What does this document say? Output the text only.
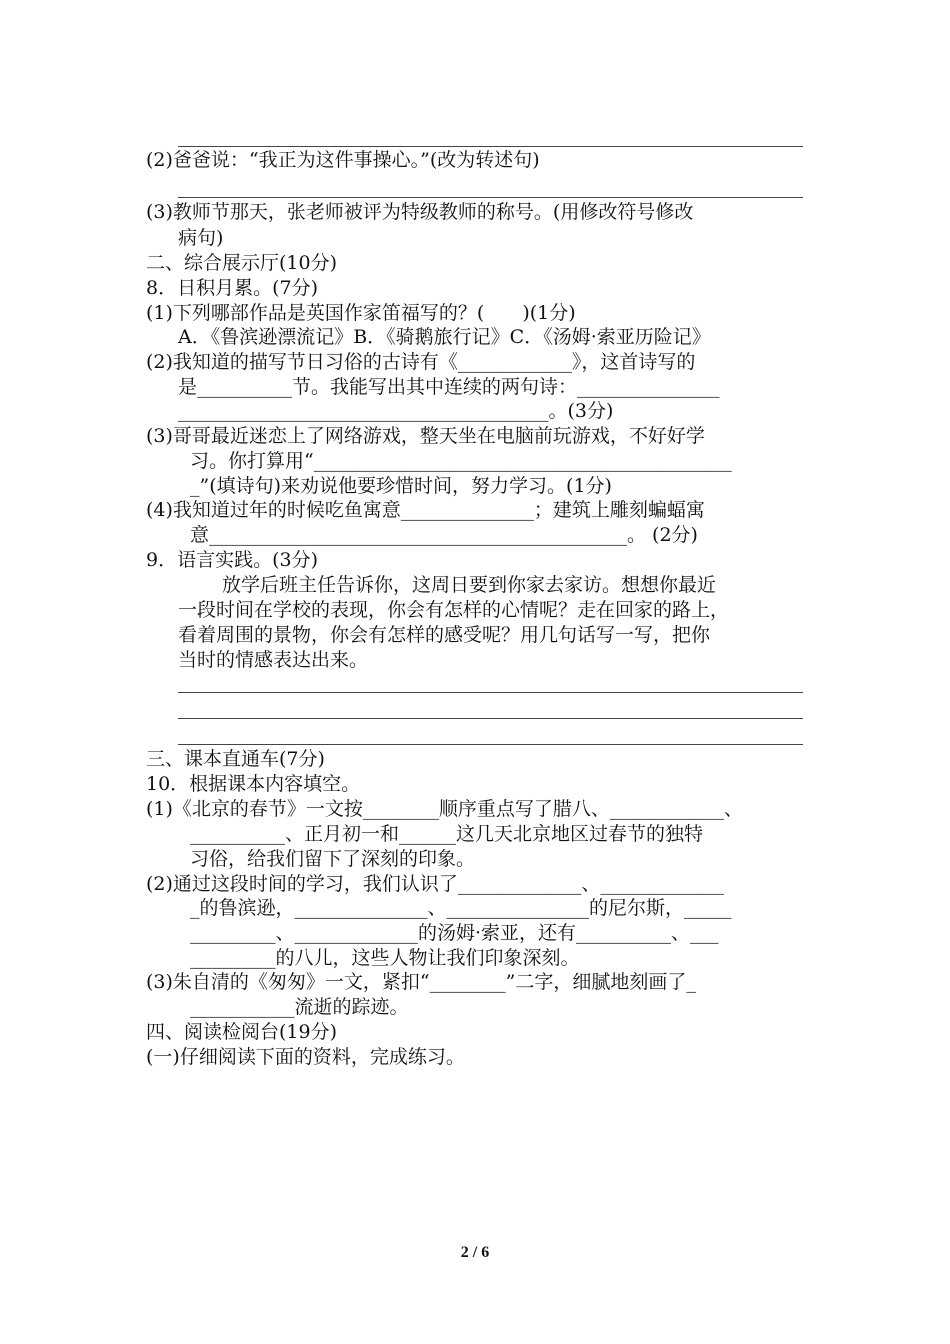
(2)爸爸说：“我正为这件事操心。”(改为转述句)
(3)教师节那天，张老师被评为特级教师的称号。(用修改符号修改
病句)
二、综合展示厅(10分)
8．日积月累。(7分)
(1)下列哪部作品是英国作家笛福写的？(　　)(1分)
A．《鲁滨逊漂流记》B．《骑鹅旅行记》C．《汤姆·索亚历险记》
(2)我知道的描写节日习俗的古诗有《____________》，这首诗写的
是__________节。我能写出其中连续的两句诗：_______________
_______________________________________。(3分)
(3)哥哥最近迷恋上了网络游戏，整天坐在电脑前玩游戏，不好好学
习。你打算用“____________________________________________
_”(填诗句)来劝说他要珍惜时间，努力学习。(1分)
(4)我知道过年的时候吃鱼寓意______________；建筑上雕刻蝙蝠寓
意____________________________________________。 (2分)
9．语言实践。(3分)
放学后班主任告诉你，这周日要到你家去家访。想想你最近
一段时间在学校的表现，你会有怎样的心情呢？走在回家的路上，
看着周围的景物，你会有怎样的感受呢？用几句话写一写，把你
当时的情感表达出来。
三、课本直通车(7分)
10．根据课本内容填空。
(1)《北京的春节》一文按________顺序重点写了腊八、____________、
__________、正月初一和______这几天北京地区过春节的独特
习俗，给我们留下了深刻的印象。
(2)通过这段时间的学习，我们认识了_____________、_____________
_的鲁滨逊，______________、_______________的尼尔斯，_____
_________、_____________的汤姆·索亚，还有__________、___
_________的八儿，这些人物让我们印象深刻。
(3)朱自清的《匆匆》一文，紧扣“________”二字，细腻地刻画了_
___________流逝的踪迹。
四、阅读检阅台(19分)
(一)仔细阅读下面的资料，完成练习。
2 / 6
